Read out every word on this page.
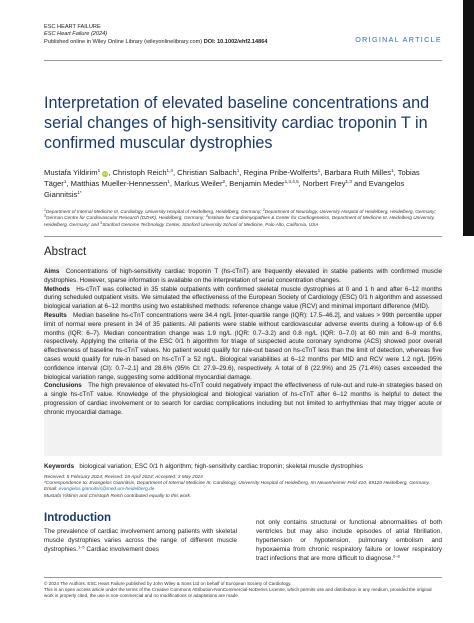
ESC HEART FAILURE
ESC Heart Failure (2024)
Published online in Wiley Online Library (wileyonlinelibrary.com) DOI: 10.1002/ehf2.14864	ORIGINAL ARTICLE
Interpretation of elevated baseline concentrations and serial changes of high-sensitivity cardiac troponin T in confirmed muscular dystrophies
Mustafa Yildirim$^1$ iD, Christoph Reich$^{1,4}$, Christian Salbach$^1$, Regina Pribe-Wolferts$^1$, Barbara Ruth Milles$^1$, Tobias Täger$^1$, Matthias Mueller-Hennessen$^1$, Markus Weiler$^2$, Benjamin Meder$^{1,3,4,5}$, Norbert Frey$^{1,3}$ and Evangelos Giannitsis$^{1*}$
$^1$Department of Internal Medicine III, Cardiology, University Hospital of Heidelberg, Heidelberg, Germany; $^2$Department of Neurology, University Hospital of Heidelberg, Heidelberg, Germany; $^3$German Centre for Cardiovascular Research (DZHK), Heidelberg, Germany; $^4$Institute for Cardiomyopathies & Center for Cardiogenetics, Department of Medicine III, Heidelberg University, Heidelberg, Germany; and $^5$Stanford Genome Technology Center, Stanford University School of Medicine, Palo Alto, California, USA
Abstract

Aims  Concentrations of high-sensitivity cardiac troponin T (hs-cTnT) are frequently elevated in stable patients with confirmed muscle dystrophies. However, sparse information is available on the interpretation of serial concentration changes.

Methods  Hs-cTnT was collected in 35 stable outpatients with confirmed skeletal muscle dystrophies at 0 and 1 h and after 6–12 months during scheduled outpatient visits. We simulated the effectiveness of the European Society of Cardiology (ESC) 0/1 h algorithm and assessed biological variation at 6–12 months using two established methods: reference change value (RCV) and minimal important difference (MID).

Results  Median baseline hs-cTnT concentrations were 34.4 ng/L [inter-quartile range (IQR): 17.5–46.2], and values > 99th percentile upper limit of normal were present in 34 of 35 patients. All patients were stable without cardiovascular adverse events during a follow-up of 6.6 months (IQR: 6–7). Median concentration change was 1.9 ng/L (IQR: 0.7–3.2) and 0.8 ng/L (IQR: 0–7.0) at 60 min and 6–9 months, respectively. Applying the criteria of the ESC 0/1 h algorithm for triage of suspected acute coronary syndrome (ACS) showed poor overall effectiveness of baseline hs-cTnT values. No patient would qualify for rule-out based on hs-cTnT less than the limit of detection, whereas five cases would qualify for rule-in based on hs-cTnT ≥ 52 ng/L. Biological variabilities at 6–12 months per MID and RCV were 1.2 ng/L [95% confidence interval (CI): 0.7–2.1] and 28.6% (95% CI: 27.9–29.6), respectively. A total of 8 (22.9%) and 25 (71.4%) cases exceeded the biological variation range, suggesting some additional myocardial damage.

Conclusions  The high prevalence of elevated hs-cTnT could negatively impact the effectiveness of rule-out and rule-in strategies based on a single hs-cTnT value. Knowledge of the physiological and biological variation of hs-cTnT after 6–12 months is helpful to detect the progression of cardiac involvement or to search for cardiac complications including but not limited to arrhythmias that may trigger acute or chronic myocardial damage.

Keywords biological variation; ESC 0/1 h algorithm; high-sensitivity cardiac troponin; skeletal muscle dystrophies
Received: 5 February 2024; Revised: 18 April 2024; Accepted: 3 May 2024
*Correspondence to: Evangelos Giannitsis, Department of Internal Medicine III, Cardiology, University Hospital of Heidelberg, Im Neuenheimer Feld 410, 69120 Heidelberg, Germany. Email: evangelos.giannitsis@med.uni-heidelberg.de
Mustafa Yildirim and Christoph Reich contributed equally to this work.
Introduction

The prevalence of cardiac involvement among patients with skeletal muscle dystrophies varies across the range of different muscle dystrophies.$^{1-5}$ Cardiac involvement does

not only contains structural or functional abnormalities of both ventricles but may also include episodes of atrial fibrillation, hypertension or hypotension, pulmonary embolism and hypoxaemia from chronic respiratory failure or lower respiratory tract infections that are more difficult to diagnose.$^{6-8}$

© 2024 The Authors. ESC Heart Failure published by John Wiley & Sons Ltd on behalf of European Society of Cardiology.

This is an open access article under the terms of the Creative Commons Attribution-NonCommercial-NoDerivs License, which permits use and distribution in any medium, provided the original work is properly cited, the use is non-commercial and no modifications or adaptations are made.
